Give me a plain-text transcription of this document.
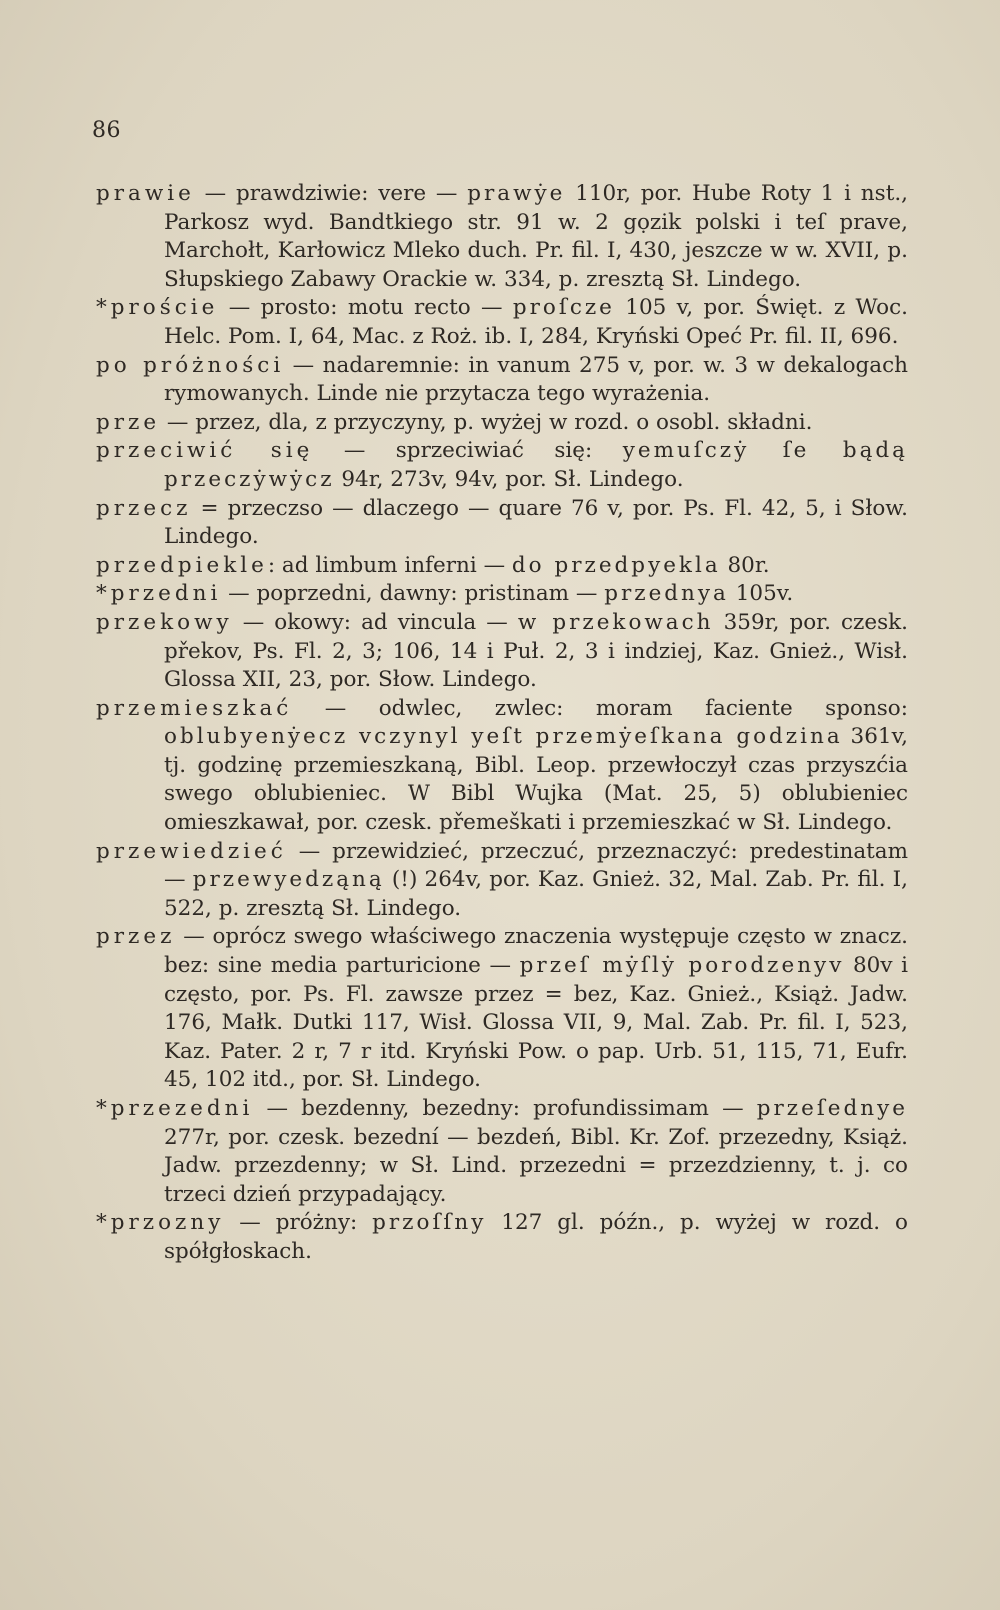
86

prawie — prawdziwie: vere — prawẏe 110r, por. Hube Roty 1 i nst., Parkosz wyd. Bandtkiego str. 91 w. 2 gọzik polski i teſ prave, Marchołt, Karłowicz Mleko duch. Pr. fil. I, 430, jeszcze w w. XVII, p. Słupskiego Zabawy Orackie w. 334, p. zresztą Sł. Lindego.

*proście — prosto: motu recto — proſcze 105 v, por. Święt. z Woc. Helc. Pom. I, 64, Mac. z Roż. ib. I, 284, Kryński Opeć Pr. fil. II, 696.

po próżności — nadaremnie: in vanum 275 v, por. w. 3 w dekalogach rymowanych. Linde nie przytacza tego wyrażenia.

prze — przez, dla, z przyczyny, p. wyżej w rozd. o osobl. składni.

przeciwić się — sprzeciwiać się: yemuſczẏ ſe bądą przeczẏwẏcz 94r, 273v, 94v, por. Sł. Lindego.

przecz = przeczso — dlaczego — quare 76 v, por. Ps. Fl. 42, 5, i Słow. Lindego.

przedpiekle: ad limbum inferni — do przedpyekla 80r.

*przedni — poprzedni, dawny: pristinam — przednya 105v.

przekowy — okowy: ad vincula — w przekowach 359r, por. czesk. překov, Ps. Fl. 2, 3; 106, 14 i Puł. 2, 3 i indziej, Kaz. Gnież., Wisł. Glossa XII, 23, por. Słow. Lindego.

przemieszkać — odwlec, zwlec: moram faciente sponso: oblubyenẏecz vczynyl yeſt przemẏeſkana godzina 361v, tj. godzinę przemieszkaną, Bibl. Leop. przewłoczył czas przyszćia swego oblubieniec. W Bibl Wujka (Mat. 25, 5) oblubieniec omieszkawał, por. czesk. přemeškati i przemieszkać w Sł. Lindego.

przewiedzieć — przewidzieć, przeczuć, przeznaczyć: predestinatam — przewyedząną (!) 264v, por. Kaz. Gnież. 32, Mal. Zab. Pr. fil. I, 522, p. zresztą Sł. Lindego.

przez — oprócz swego właściwego znaczenia występuje często w znacz. bez: sine media parturicione — przeſ mẏſlẏ porodzenyv 80v i często, por. Ps. Fl. zawsze przez = bez, Kaz. Gnież., Książ. Jadw. 176, Małk. Dutki 117, Wisł. Glossa VII, 9, Mal. Zab. Pr. fil. I, 523, Kaz. Pater. 2 r, 7 r itd. Kryński Pow. o pap. Urb. 51, 115, 71, Eufr. 45, 102 itd., por. Sł. Lindego.

*przezedni — bezdenny, bezedny: profundissimam — przeſednye 277r, por. czesk. bezední — bezdeń, Bibl. Kr. Zof. przezedny, Książ. Jadw. przezdenny; w Sł. Lind. przezedni = przezdzienny, t. j. co trzeci dzień przypadający.

*przozny — próżny: przoſſny 127 gl. późn., p. wyżej w rozd. o spółgłoskach.
